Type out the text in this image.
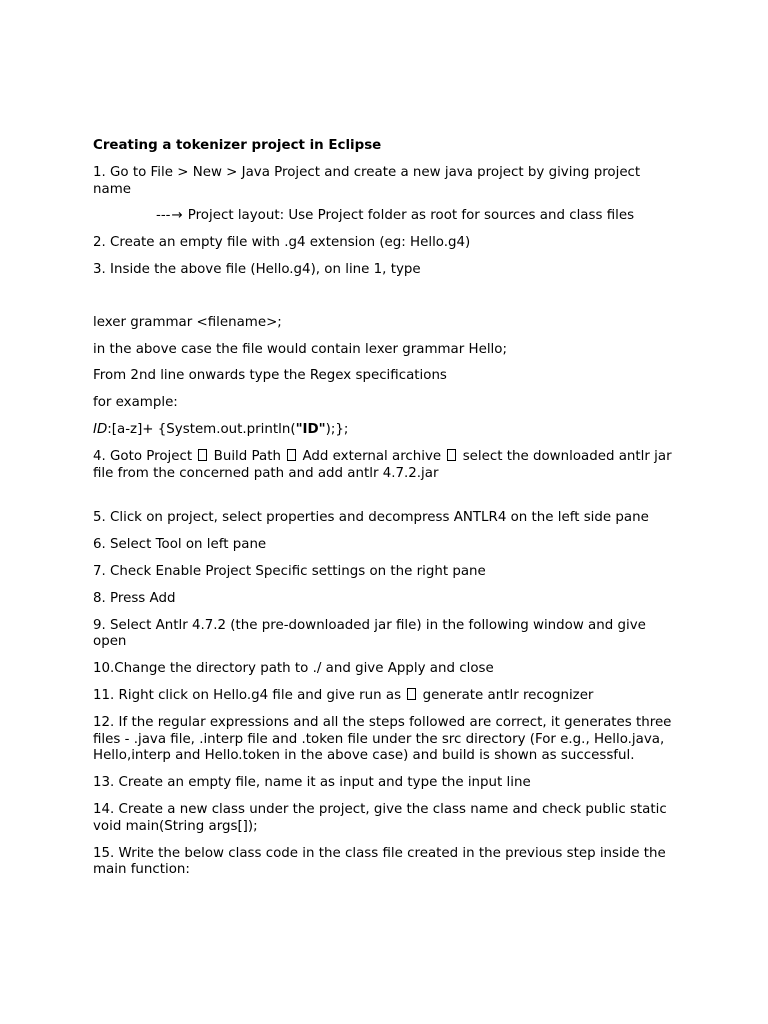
Creating a tokenizer project in Eclipse
1. Go to File > New > Java Project and create a new java project by giving project name
---→ Project layout: Use Project folder as root for sources and class files
2. Create an empty file with .g4 extension (eg: Hello.g4)
3. Inside the above file (Hello.g4), on line 1, type
lexer grammar <filename>;
in the above case the file would contain lexer grammar Hello;
From 2nd line onwards type the Regex specifications
for example:
ID:[a-z]+ {System.out.println("ID");};
4. Goto Project Build Path Add external archive select the downloaded antlr jar file from the concerned path and add antlr 4.7.2.jar
5. Click on project, select properties and decompress ANTLR4 on the left side pane
6. Select Tool on left pane
7. Check Enable Project Specific settings on the right pane
8. Press Add
9. Select Antlr 4.7.2 (the pre-downloaded jar file) in the following window and give open
10.Change the directory path to ./ and give Apply and close
11. Right click on Hello.g4 file and give run as generate antlr recognizer
12. If the regular expressions and all the steps followed are correct, it generates three files - .java file, .interp file and .token file under the src directory (For e.g., Hello.java, Hello,interp and Hello.token in the above case) and build is shown as successful.
13. Create an empty file, name it as input and type the input line
14. Create a new class under the project, give the class name and check public static void main(String args[]);
15. Write the below class code in the class file created in the previous step inside the main function:
